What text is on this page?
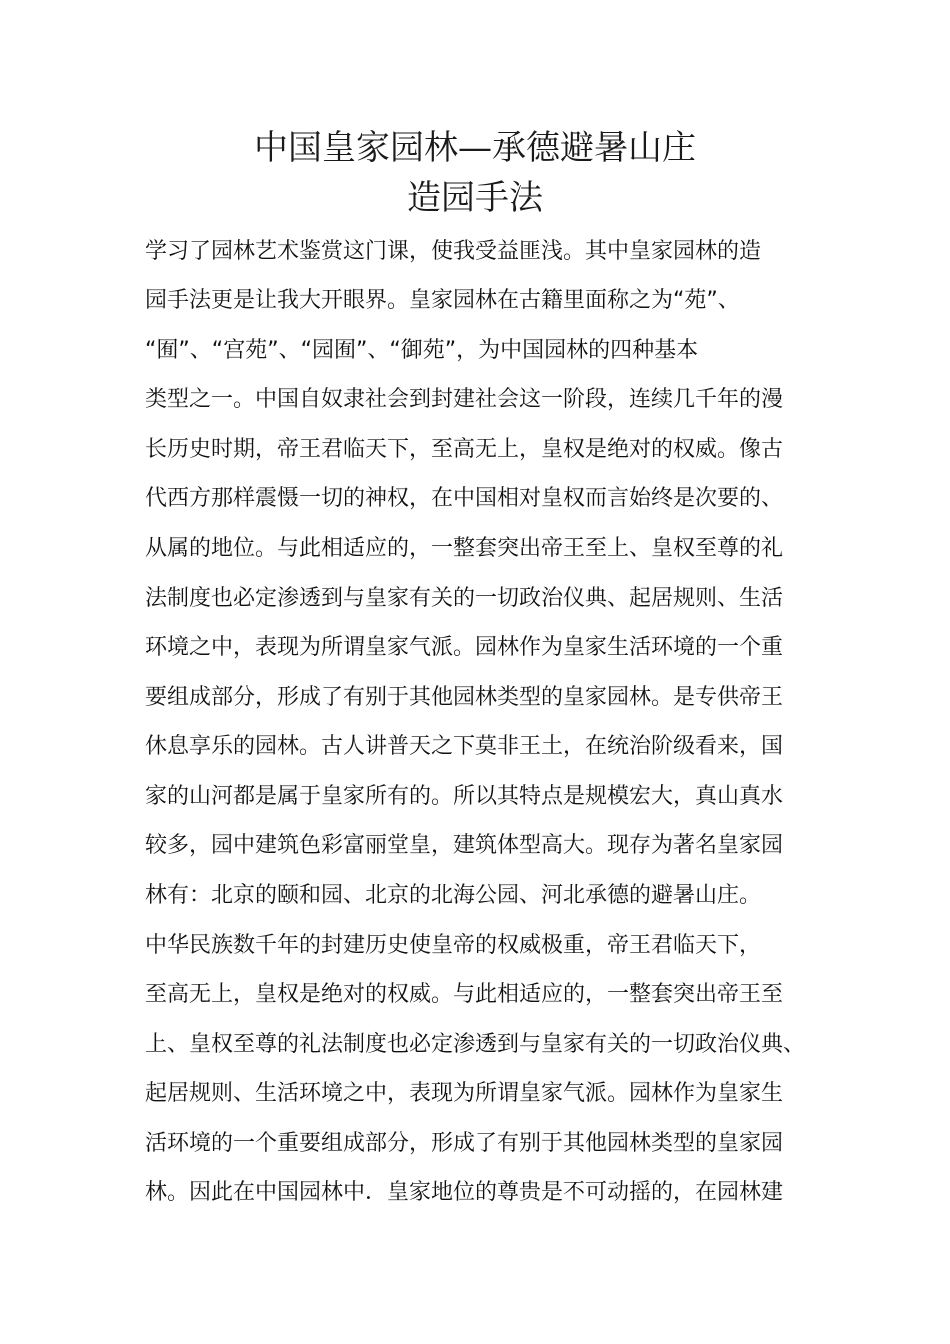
中国皇家园林—承德避暑山庄
造园手法
学习了园林艺术鉴赏这门课，使我受益匪浅。其中皇家园林的造
园手法更是让我大开眼界。皇家园林在古籍里面称之为“苑”、
“囿”、“宫苑”、“园囿”、“御苑”，为中国园林的四种基本
类型之一。中国自奴隶社会到封建社会这一阶段，连续几千年的漫
长历史时期，帝王君临天下，至高无上，皇权是绝对的权威。像古
代西方那样震慑一切的神权，在中国相对皇权而言始终是次要的、
从属的地位。与此相适应的，一整套突出帝王至上、皇权至尊的礼
法制度也必定渗透到与皇家有关的一切政治仪典、起居规则、生活
环境之中，表现为所谓皇家气派。园林作为皇家生活环境的一个重
要组成部分，形成了有别于其他园林类型的皇家园林。是专供帝王
休息享乐的园林。古人讲普天之下莫非王土，在统治阶级看来，国
家的山河都是属于皇家所有的。所以其特点是规模宏大，真山真水
较多，园中建筑色彩富丽堂皇，建筑体型高大。现存为著名皇家园
林有：北京的颐和园、北京的北海公园、河北承德的避暑山庄。
中华民族数千年的封建历史使皇帝的权威极重，帝王君临天下，
至高无上，皇权是绝对的权威。与此相适应的，一整套突出帝王至
上、皇权至尊的礼法制度也必定渗透到与皇家有关的一切政治仪典、
起居规则、生活环境之中，表现为所谓皇家气派。园林作为皇家生
活环境的一个重要组成部分，形成了有别于其他园林类型的皇家园
林。因此在中国园林中．皇家地位的尊贵是不可动摇的，在园林建
